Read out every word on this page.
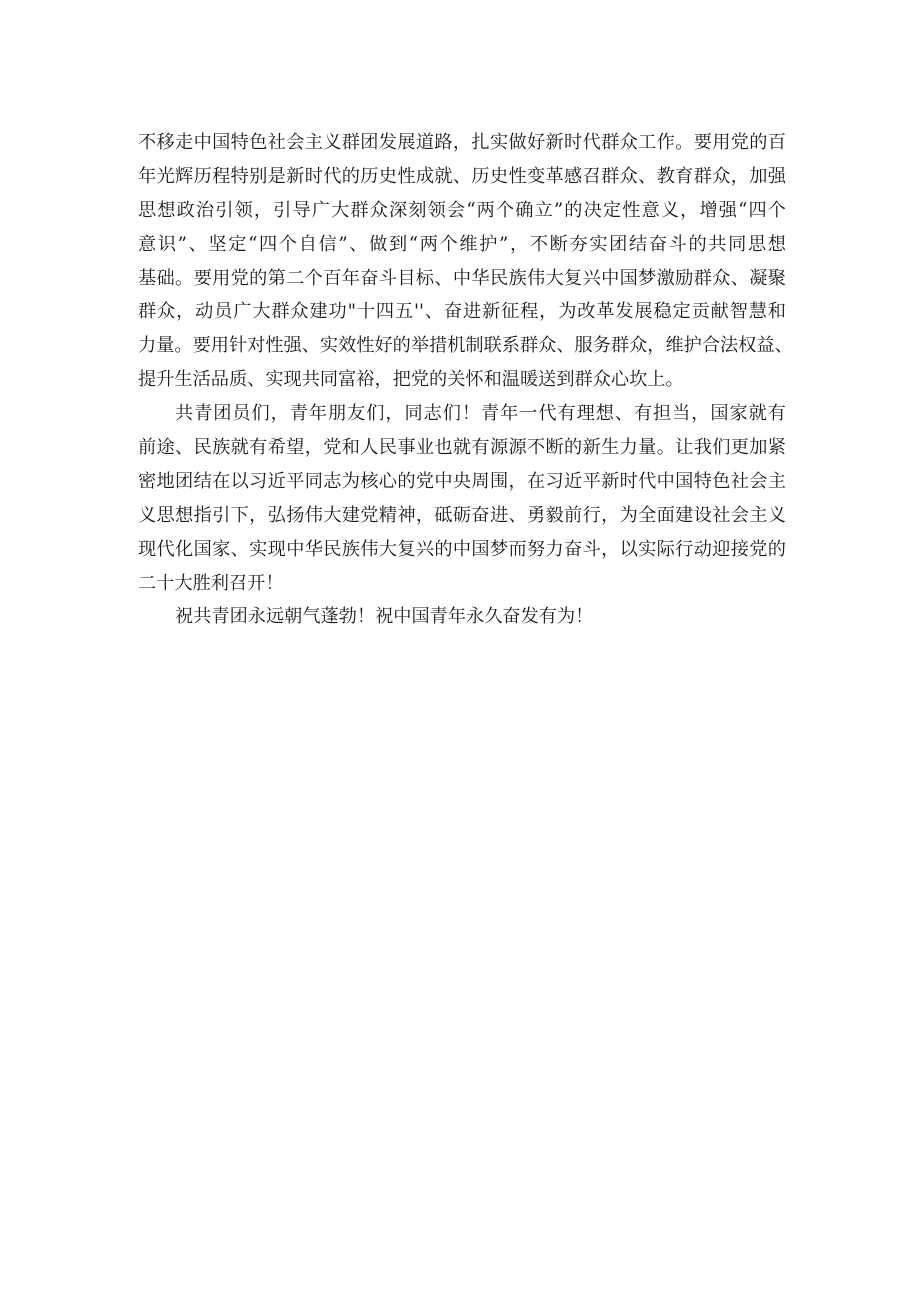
不移走中国特色社会主义群团发展道路，扎实做好新时代群众工作。要用党的百
年光辉历程特别是新时代的历史性成就、历史性变革感召群众、教育群众，加强
思想政治引领，引导广大群众深刻领会“两个确立”的决定性意义，增强“四个
意识”、坚定“四个自信”、做到“两个维护”，不断夯实团结奋斗的共同思想
基础。要用党的第二个百年奋斗目标、中华民族伟大复兴中国梦激励群众、凝聚
群众，动员广大群众建功"十四五''、奋进新征程，为改革发展稳定贡献智慧和
力量。要用针对性强、实效性好的举措机制联系群众、服务群众，维护合法权益、
提升生活品质、实现共同富裕，把党的关怀和温暖送到群众心坎上。
共青团员们，青年朋友们，同志们！青年一代有理想、有担当，国家就有
前途、民族就有希望，党和人民事业也就有源源不断的新生力量。让我们更加紧
密地团结在以习近平同志为核心的党中央周围，在习近平新时代中国特色社会主
义思想指引下，弘扬伟大建党精神，砥砺奋进、勇毅前行，为全面建设社会主义
现代化国家、实现中华民族伟大复兴的中国梦而努力奋斗，以实际行动迎接党的
二十大胜利召开！
祝共青团永远朝气蓬勃！祝中国青年永久奋发有为！
